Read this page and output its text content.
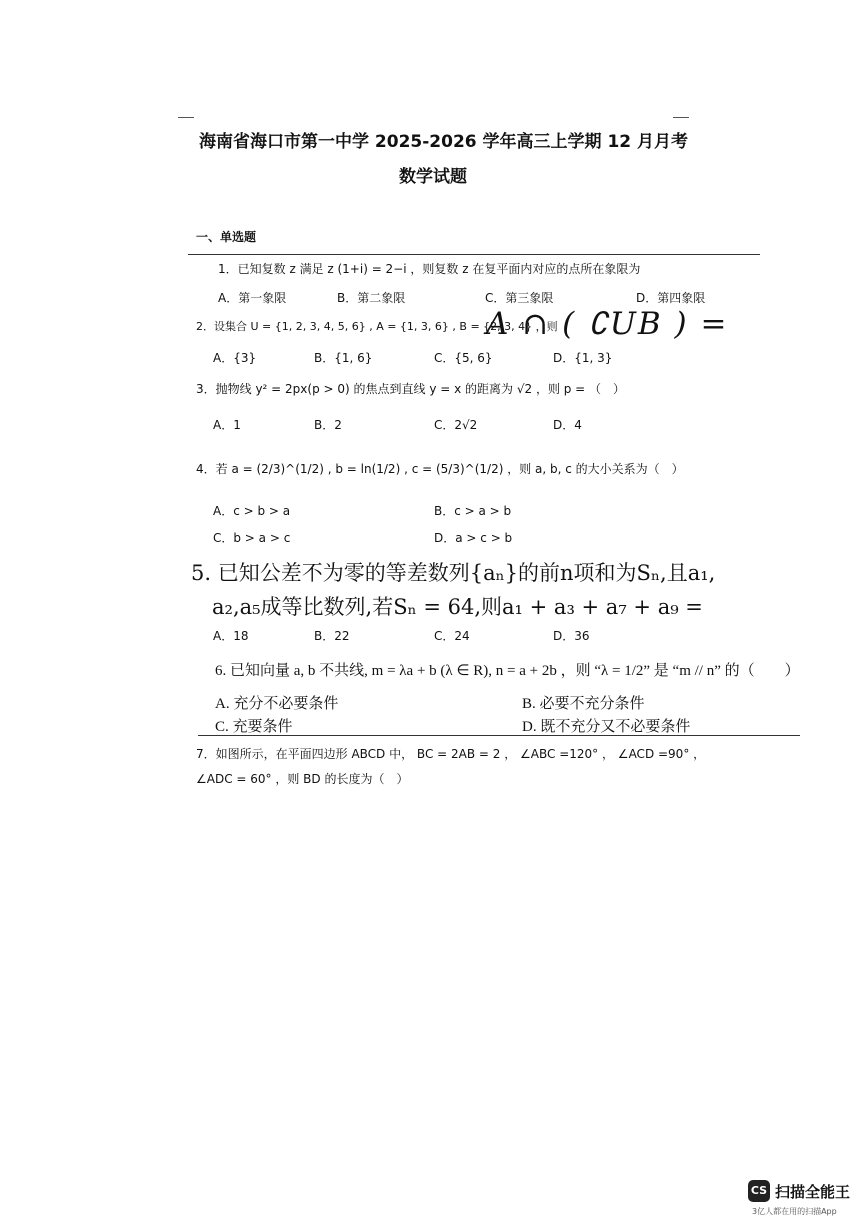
海南省海口市第一中学 2025-2026 学年高三上学期 12 月月考
数学试题
一、单选题
1．已知复数 z 满足 z (1+i) = 2−i ，则复数 z 在复平面内对应的点所在象限为
A．第一象限	B．第二象限	C．第三象限	D．第四象限
2．设集合 U = {1, 2, 3, 4, 5, 6} , A = {1, 3, 6} , B = {2, 3, 4} ，则
A ∩ ( ∁UB ) =
A．{3}	B．{1, 6}	C．{5, 6}	D．{1, 3}
3．抛物线 y² = 2px(p > 0) 的焦点到直线 y = x 的距离为 √2 ，则 p = （　）
A．1	B．2	C．2√2	D．4
4．若 a = (2/3)^(1/2) , b = ln(1/2) , c = (5/3)^(1/2) ，则 a, b, c 的大小关系为（　）
A．c > b > a	B．c > a > b
C．b > a > c	D．a > c > b
5. 已知公差不为零的等差数列{aₙ}的前n项和为Sₙ,且a₁,
a₂,a₅成等比数列,若Sₙ = 64,则a₁ + a₃ + a₇ + a₉ =
A．18	B．22	C．24	D．36
6. 已知向量 a, b 不共线, m = λa + b (λ ∈ R), n = a + 2b ，则 “λ = 1/2” 是 “m // n” 的（　　）
A. 充分不必要条件	B. 必要不充分条件
C. 充要条件	D. 既不充分又不必要条件
7．如图所示，在平面四边形 ABCD 中， BC = 2AB = 2 ， ∠ABC =120° ， ∠ACD =90° ，
∠ADC = 60° ，则 BD 的长度为（　）
CS 扫描全能王
3亿人都在用的扫描App
